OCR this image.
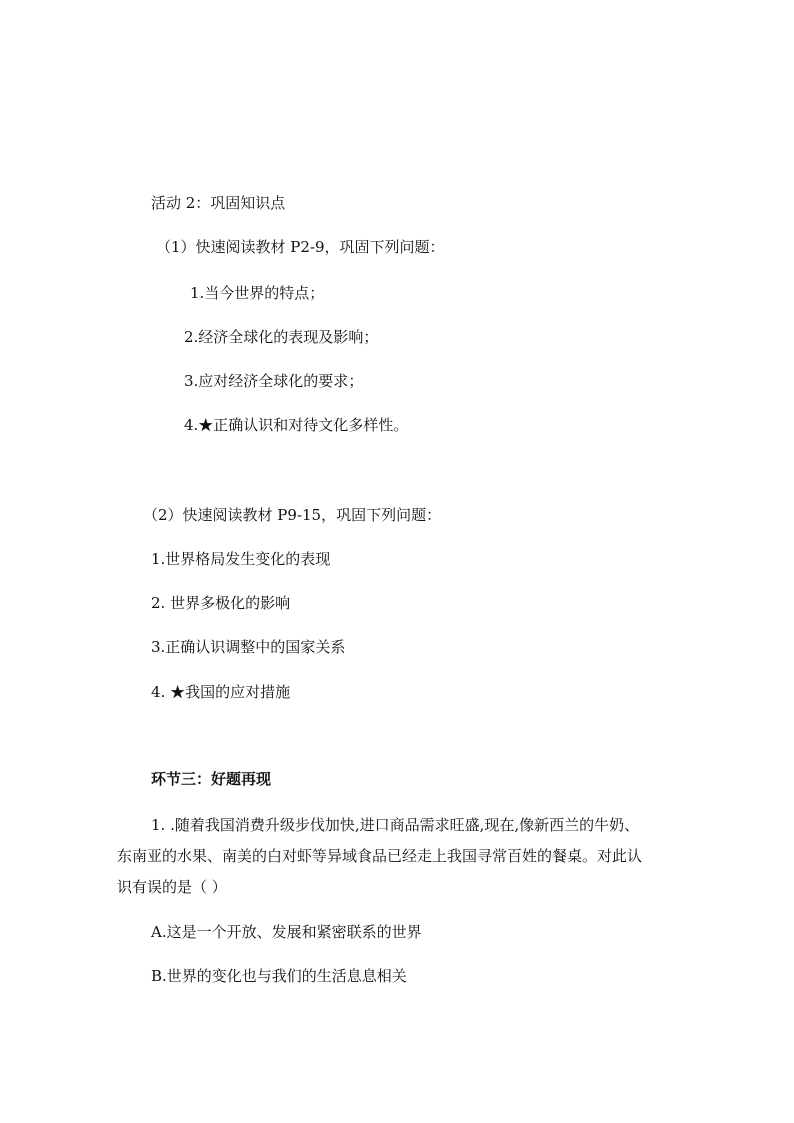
活动 2：巩固知识点
（1）快速阅读教材 P2-9，巩固下列问题：
1.当今世界的特点；
2.经济全球化的表现及影响；
3.应对经济全球化的要求；
4.★正确认识和对待文化多样性。
（2）快速阅读教材 P9-15，巩固下列问题：
1.世界格局发生变化的表现
2. 世界多极化的影响
3.正确认识调整中的国家关系
4. ★我国的应对措施
环节三：好题再现
1. .随着我国消费升级步伐加快,进口商品需求旺盛,现在,像新西兰的牛奶、
东南亚的水果、南美的白对虾等异域食品已经走上我国寻常百姓的餐桌。对此认
识有误的是（ ）
A.这是一个开放、发展和紧密联系的世界
B.世界的变化也与我们的生活息息相关
